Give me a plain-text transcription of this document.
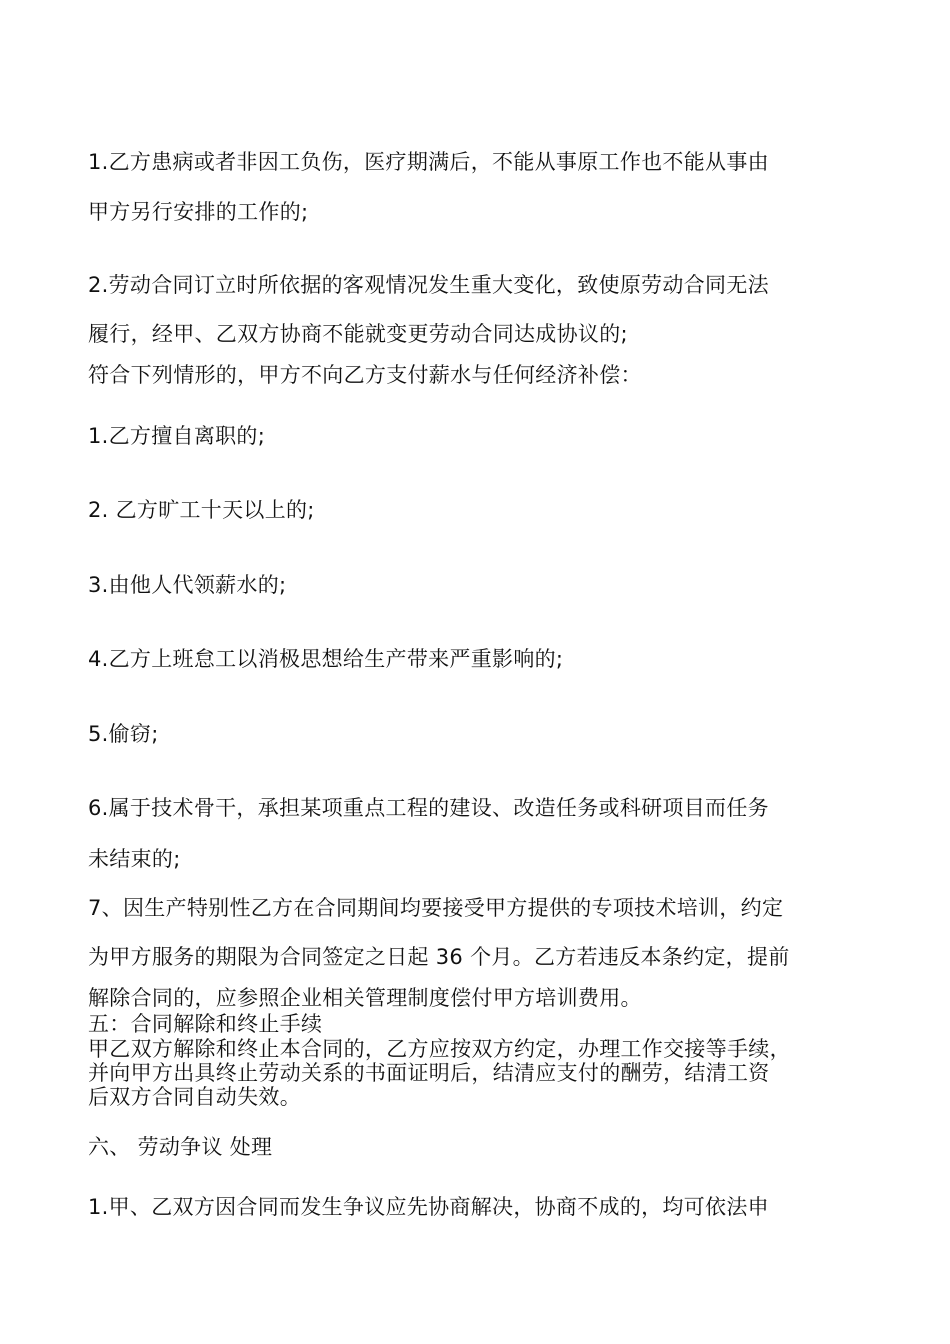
1.乙方患病或者非因工负伤，医疗期满后，不能从事原工作也不能从事由
甲方另行安排的工作的;
2.劳动合同订立时所依据的客观情况发生重大变化，致使原劳动合同无法
履行，经甲、乙双方协商不能就变更劳动合同达成协议的;
符合下列情形的，甲方不向乙方支付薪水与任何经济补偿：
1.乙方擅自离职的;
2. 乙方旷工十天以上的;
3.由他人代领薪水的;
4.乙方上班怠工以消极思想给生产带来严重影响的;
5.偷窃;
6.属于技术骨干，承担某项重点工程的建设、改造任务或科研项目而任务
未结束的;
7、因生产特别性乙方在合同期间均要接受甲方提供的专项技术培训，约定
为甲方服务的期限为合同签定之日起 36 个月。乙方若违反本条约定，提前
解除合同的，应参照企业相关管理制度偿付甲方培训费用。
五：合同解除和终止手续
甲乙双方解除和终止本合同的，乙方应按双方约定，办理工作交接等手续，
并向甲方出具终止劳动关系的书面证明后，结清应支付的酬劳，结清工资
后双方合同自动失效。
六、 劳动争议 处理
1.甲、乙双方因合同而发生争议应先协商解决，协商不成的，均可依法申
